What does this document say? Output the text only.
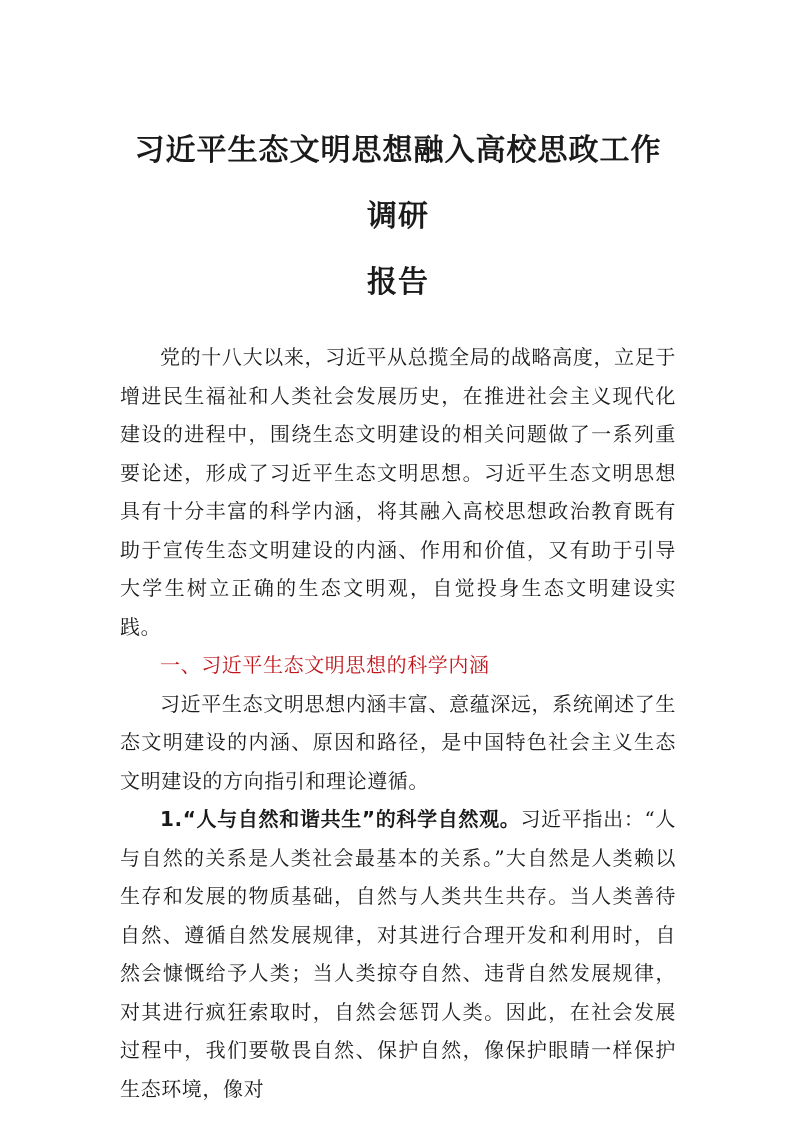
习近平生态文明思想融入高校思政工作调研
报告

党的十八大以来，习近平从总揽全局的战略高度，立足于增进民生福祉和人类社会发展历史，在推进社会主义现代化建设的进程中，围绕生态文明建设的相关问题做了一系列重要论述，形成了习近平生态文明思想。习近平生态文明思想具有十分丰富的科学内涵，将其融入高校思想政治教育既有助于宣传生态文明建设的内涵、作用和价值，又有助于引导大学生树立正确的生态文明观，自觉投身生态文明建设实践。

一、习近平生态文明思想的科学内涵

习近平生态文明思想内涵丰富、意蕴深远，系统阐述了生态文明建设的内涵、原因和路径，是中国特色社会主义生态文明建设的方向指引和理论遵循。

1.“人与自然和谐共生”的科学自然观。习近平指出：“人与自然的关系是人类社会最基本的关系。”大自然是人类赖以生存和发展的物质基础，自然与人类共生共存。当人类善待自然、遵循自然发展规律，对其进行合理开发和利用时，自然会慷慨给予人类；当人类掠夺自然、违背自然发展规律，对其进行疯狂索取时，自然会惩罚人类。因此，在社会发展过程中，我们要敬畏自然、保护自然，像保护眼睛一样保护生态环境，像对
